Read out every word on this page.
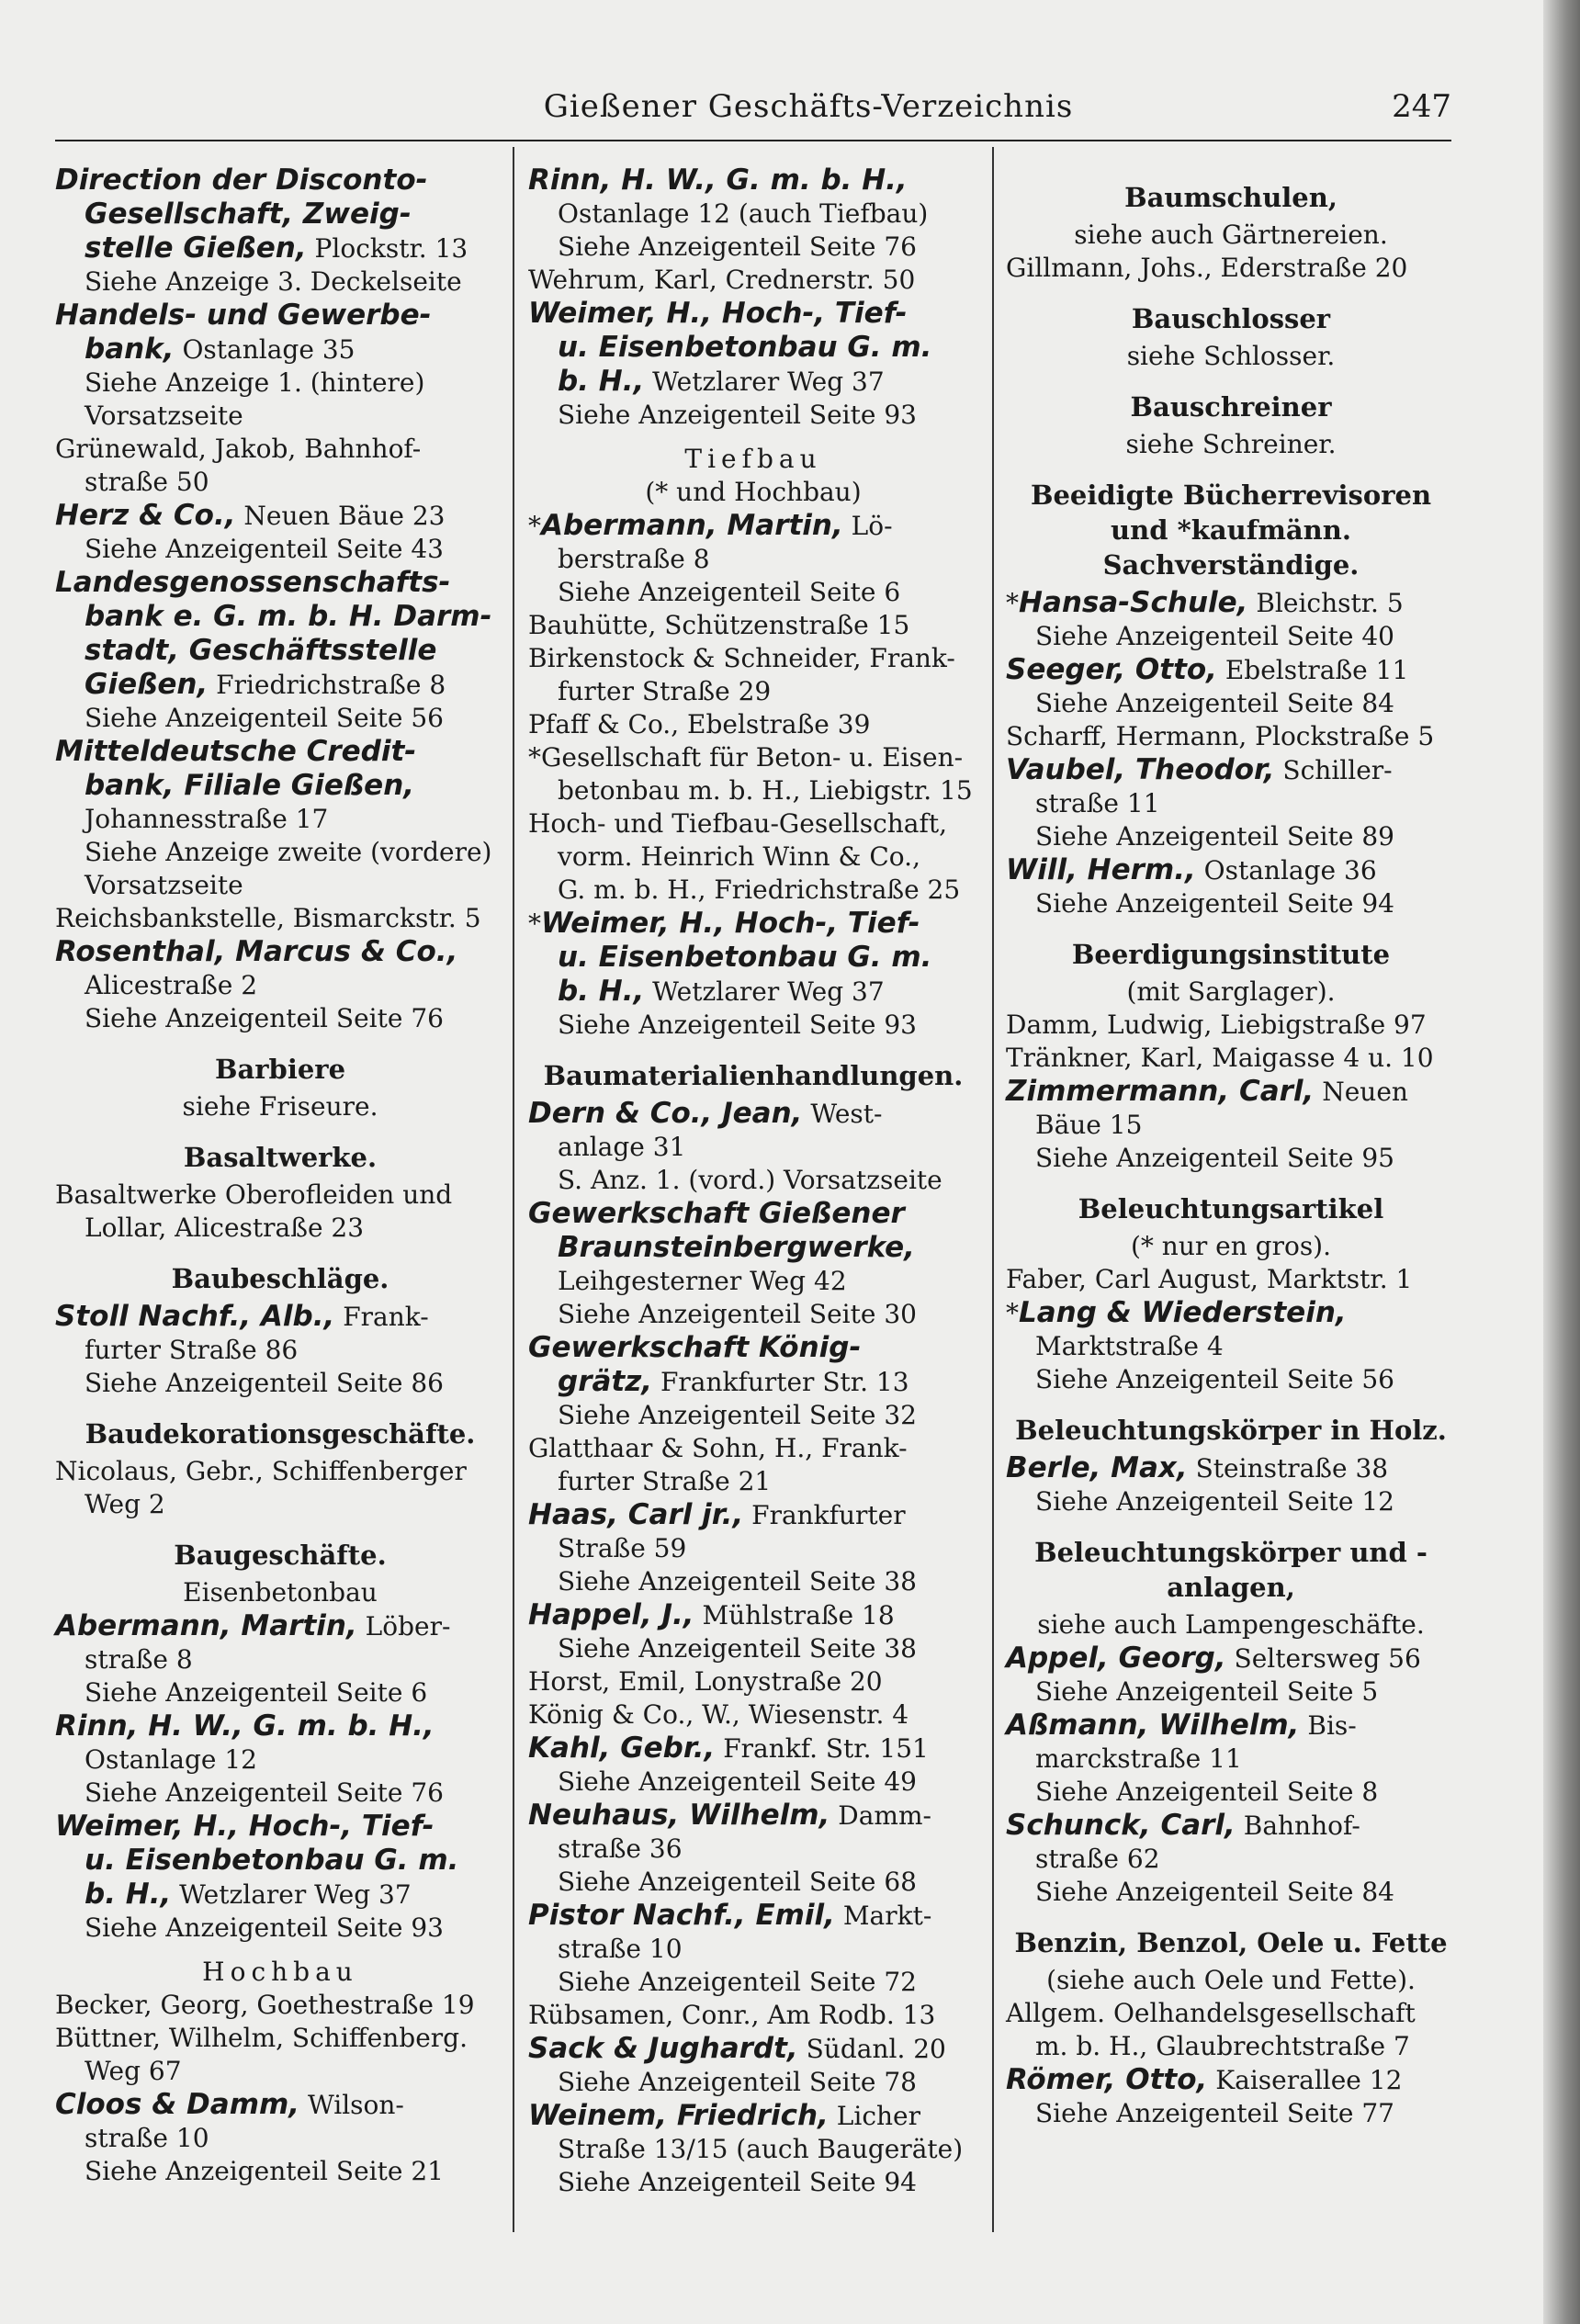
Gießener Geschäfts-Verzeichnis	247
Direction der Disconto-
Gesellschaft, Zweig-
stelle Gießen, Plockstr. 13
Siehe Anzeige 3. Deckelseite
Handels- und Gewerbe-
bank, Ostanlage 35
Siehe Anzeige 1. (hintere)
Vorsatzseite
Grünewald, Jakob, Bahnhof-
straße 50
Herz & Co., Neuen Bäue 23
Siehe Anzeigenteil Seite 43
Landesgenossenschafts-
bank e. G. m. b. H. Darm-
stadt, Geschäftsstelle
Gießen, Friedrichstraße 8
Siehe Anzeigenteil Seite 56
Mitteldeutsche Credit-
bank, Filiale Gießen,
Johannesstraße 17
Siehe Anzeige zweite (vordere)
Vorsatzseite
Reichsbankstelle, Bismarckstr. 5
Rosenthal, Marcus & Co.,
Alicestraße 2
Siehe Anzeigenteil Seite 76
Barbiere
siehe Friseure.
Basaltwerke.
Basaltwerke Oberofleiden und
Lollar, Alicestraße 23
Baubeschläge.
Stoll Nachf., Alb., Frank-
furter Straße 86
Siehe Anzeigenteil Seite 86
Baudekorationsgeschäfte.
Nicolaus, Gebr., Schiffenberger
Weg 2
Baugeschäfte.
Eisenbetonbau
Abermann, Martin, Löber-
straße 8
Siehe Anzeigenteil Seite 6
Rinn, H. W., G. m. b. H.,
Ostanlage 12
Siehe Anzeigenteil Seite 76
Weimer, H., Hoch-, Tief-
u. Eisenbetonbau G. m.
b. H., Wetzlarer Weg 37
Siehe Anzeigenteil Seite 93
Hochbau
Becker, Georg, Goethestraße 19
Büttner, Wilhelm, Schiffenberg.
Weg 67
Cloos & Damm, Wilson-
straße 10
Siehe Anzeigenteil Seite 21
Rinn, H. W., G. m. b. H.,
Ostanlage 12 (auch Tiefbau)
Siehe Anzeigenteil Seite 76
Wehrum, Karl, Crednerstr. 50
Weimer, H., Hoch-, Tief-
u. Eisenbetonbau G. m.
b. H., Wetzlarer Weg 37
Siehe Anzeigenteil Seite 93
Tiefbau
(* und Hochbau)
*Abermann, Martin, Lö-
berstraße 8
Siehe Anzeigenteil Seite 6
Bauhütte, Schützenstraße 15
Birkenstock & Schneider, Frank-
furter Straße 29
Pfaff & Co., Ebelstraße 39
*Gesellschaft für Beton- u. Eisen-
betonbau m. b. H., Liebigstr. 15
Hoch- und Tiefbau-Gesellschaft,
vorm. Heinrich Winn & Co.,
G. m. b. H., Friedrichstraße 25
*Weimer, H., Hoch-, Tief-
u. Eisenbetonbau G. m.
b. H., Wetzlarer Weg 37
Siehe Anzeigenteil Seite 93
Baumaterialienhandlungen.
Dern & Co., Jean, West-
anlage 31
S. Anz. 1. (vord.) Vorsatzseite
Gewerkschaft Gießener
Braunsteinbergwerke,
Leihgesterner Weg 42
Siehe Anzeigenteil Seite 30
Gewerkschaft König-
grätz, Frankfurter Str. 13
Siehe Anzeigenteil Seite 32
Glatthaar & Sohn, H., Frank-
furter Straße 21
Haas, Carl jr., Frankfurter
Straße 59
Siehe Anzeigenteil Seite 38
Happel, J., Mühlstraße 18
Siehe Anzeigenteil Seite 38
Horst, Emil, Lonystraße 20
König & Co., W., Wiesenstr. 4
Kahl, Gebr., Frankf. Str. 151
Siehe Anzeigenteil Seite 49
Neuhaus, Wilhelm, Damm-
straße 36
Siehe Anzeigenteil Seite 68
Pistor Nachf., Emil, Markt-
straße 10
Siehe Anzeigenteil Seite 72
Rübsamen, Conr., Am Rodb. 13
Sack & Jughardt, Südanl. 20
Siehe Anzeigenteil Seite 78
Weinem, Friedrich, Licher
Straße 13/15 (auch Baugeräte)
Siehe Anzeigenteil Seite 94
Baumschulen,
siehe auch Gärtnereien.
Gillmann, Johs., Ederstraße 20
Bauschlosser
siehe Schlosser.
Bauschreiner
siehe Schreiner.
Beeidigte Bücherrevisoren und *kaufmänn. Sachverständige.
*Hansa-Schule, Bleichstr. 5
Siehe Anzeigenteil Seite 40
Seeger, Otto, Ebelstraße 11
Siehe Anzeigenteil Seite 84
Scharff, Hermann, Plockstraße 5
Vaubel, Theodor, Schiller-
straße 11
Siehe Anzeigenteil Seite 89
Will, Herm., Ostanlage 36
Siehe Anzeigenteil Seite 94
Beerdigungsinstitute
(mit Sarglager).
Damm, Ludwig, Liebigstraße 97
Tränkner, Karl, Maigasse 4 u. 10
Zimmermann, Carl, Neuen
Bäue 15
Siehe Anzeigenteil Seite 95
Beleuchtungsartikel
(* nur en gros).
Faber, Carl August, Marktstr. 1
*Lang & Wiederstein,
Marktstraße 4
Siehe Anzeigenteil Seite 56
Beleuchtungskörper in Holz.
Berle, Max, Steinstraße 38
Siehe Anzeigenteil Seite 12
Beleuchtungskörper und -anlagen,
siehe auch Lampengeschäfte.
Appel, Georg, Seltersweg 56
Siehe Anzeigenteil Seite 5
Aßmann, Wilhelm, Bis-
marckstraße 11
Siehe Anzeigenteil Seite 8
Schunck, Carl, Bahnhof-
straße 62
Siehe Anzeigenteil Seite 84
Benzin, Benzol, Oele u. Fette
(siehe auch Oele und Fette).
Allgem. Oelhandelsgesellschaft
m. b. H., Glaubrechtstraße 7
Römer, Otto, Kaiserallee 12
Siehe Anzeigenteil Seite 77
